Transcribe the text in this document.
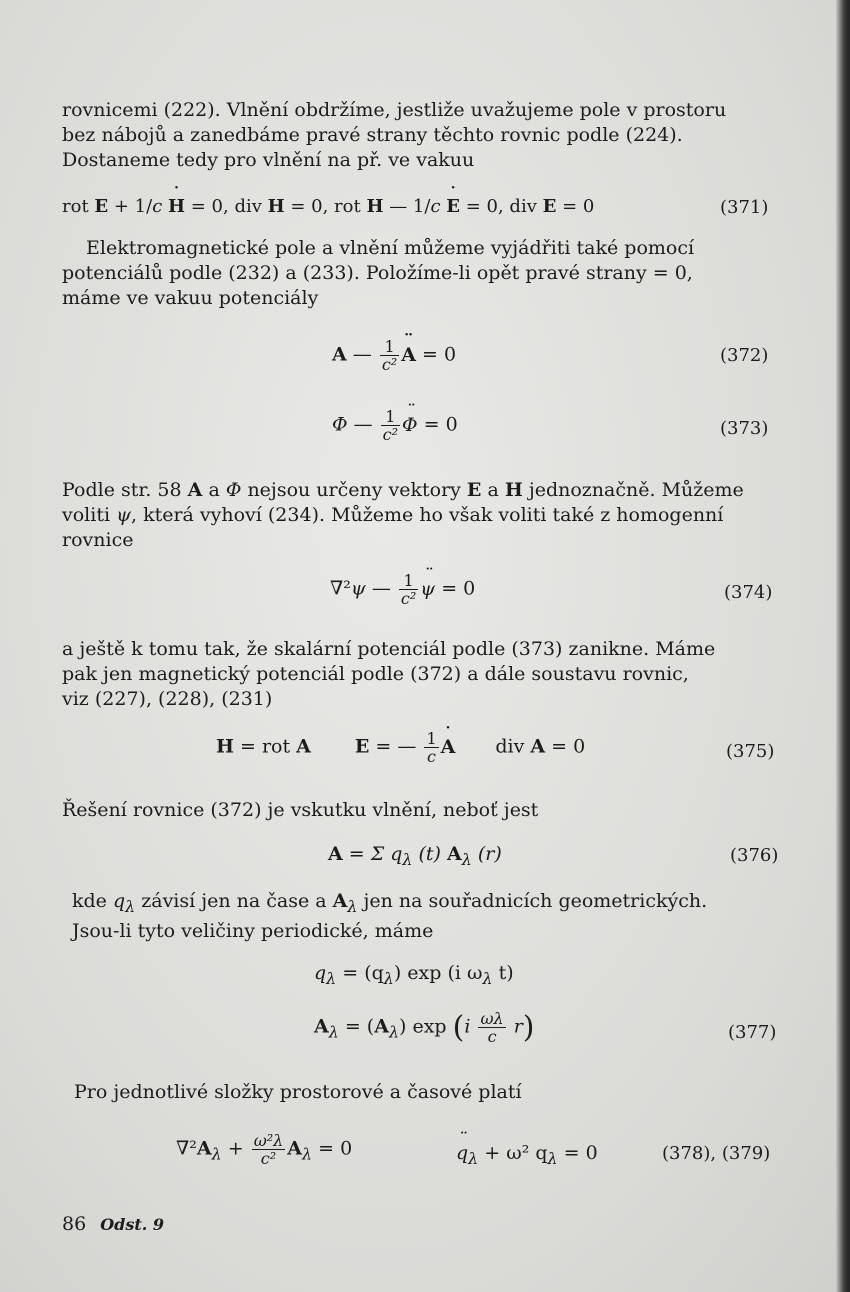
rovnicemi (222). Vlnění obdržíme, jestliže uvažujeme pole v prostoru
bez nábojů a zanedbáme pravé strany těchto rovnic podle (224).
Dostaneme tedy pro vlnění na př. ve vakuu
rot E + 1/c ˙ H = 0, div H = 0, rot H — 1/c ˙ E = 0, div E = 0	(371)
Elektromagnetické pole a vlnění můžeme vyjádřiti také pomocí
potenciálů podle (232) a (233). Položíme-li opět pravé strany = 0,
máme ve vakuu potenciály
A — $\frac{1}{\text{c²}}$ ¨ A = 0	(372)
Φ — $\frac{1}{\text{c²}}$ ¨ Φ = 0	(373)
Podle str. 58 A a Φ nejsou určeny vektory E a H jednoznačně. Můžeme
voliti ψ, která vyhoví (234). Můžeme ho však voliti také z homogenní
rovnice
∇²ψ — $\frac{1}{\text{c²}}$ ¨ ψ = 0	(374)
a ještě k tomu tak, že skalární potenciál podle (373) zanikne. Máme
pak jen magnetický potenciál podle (372) a dále soustavu rovnic,
viz (227), (228), (231)
H = rot A E = — $\frac{1}{c}$ ˙ A div A = 0	(375)
Řešení rovnice (372) je vskutku vlnění, neboť jest
A = Σ $q_\lambda$ (t) $A_\lambda$ (r)	(376)
kde $q_\lambda$ závisí jen na čase a $A_\lambda$ jen na souřadnicích geometrických.
Jsou-li tyto veličiny periodické, máme
$q_\lambda = (q_\lambda)$ exp (i $\omega_\lambda$ t)
$A_\lambda = (A_\lambda)$ $\exp (i \frac{\omega\lambda}{c} r)$	(377)
Pro jednotlivé složky prostorové a časové platí
$\nabla^2A_\lambda + \frac{\text{ω²λ}}{\text{c²}} A_\lambda = 0$	¨ $q_\lambda + \omega^2$ $q_\lambda = 0$	(378), (379)
86 Odst. 9
